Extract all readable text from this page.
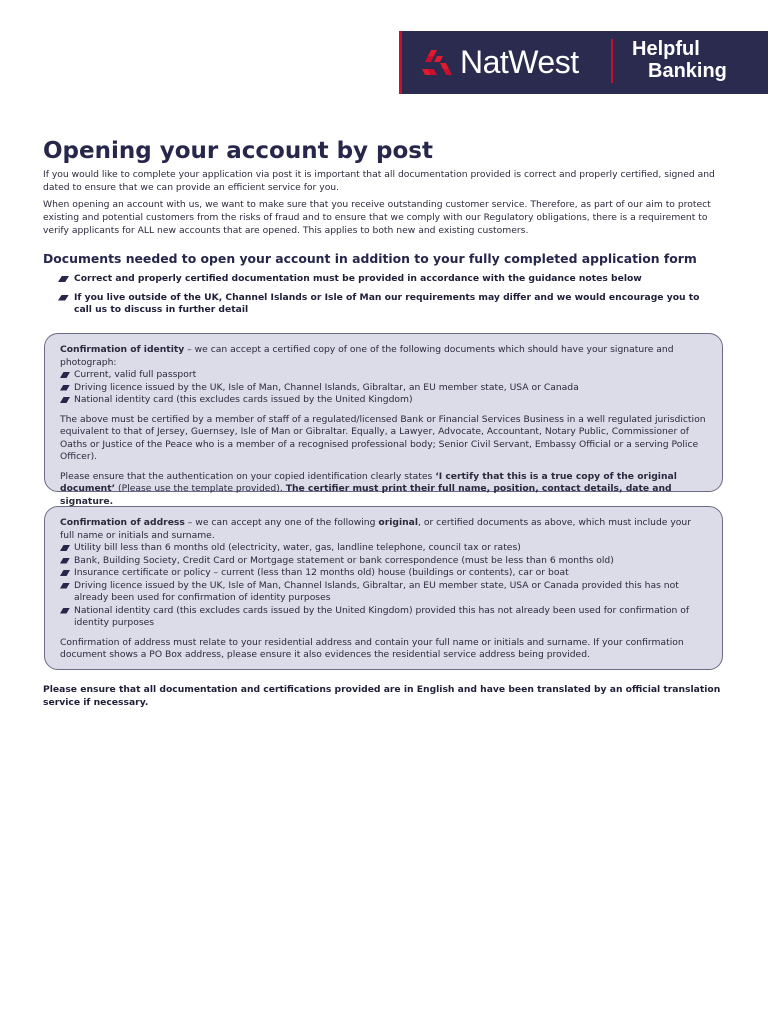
NatWest	Helpful
Banking
Opening your account by post

If you would like to complete your application via post it is important that all documentation provided is correct and properly certified, signed and dated to ensure that we can provide an efficient service for you.

When opening an account with us, we want to make sure that you receive outstanding customer service. Therefore, as part of our aim to protect existing and potential customers from the risks of fraud and to ensure that we comply with our Regulatory obligations, there is a requirement to verify applicants for ALL new accounts that are opened. This applies to both new and existing customers.

Documents needed to open your account in addition to your fully completed application form
Correct and properly certified documentation must be provided in accordance with the guidance notes below
If you live outside of the UK, Channel Islands or Isle of Man our requirements may differ and we would encourage you to call us to discuss in further detail

Confirmation of identity – we can accept a certified copy of one of the following documents which should have your signature and photograph:

Current, valid full passport
Driving licence issued by the UK, Isle of Man, Channel Islands, Gibraltar, an EU member state, USA or Canada
National identity card (this excludes cards issued by the United Kingdom)

The above must be certified by a member of staff of a regulated/licensed Bank or Financial Services Business in a well regulated jurisdiction equivalent to that of Jersey, Guernsey, Isle of Man or Gibraltar. Equally, a Lawyer, Advocate, Accountant, Notary Public, Commissioner of Oaths or Justice of the Peace who is a member of a recognised professional body; Senior Civil Servant, Embassy Official or a serving Police Officer).

Please ensure that the authentication on your copied identification clearly states ‘I certify that this is a true copy of the original document’ (Please use the template provided). The certifier must print their full name, position, contact details, date and signature.

Confirmation of address – we can accept any one of the following original, or certified documents as above, which must include your full name or initials and surname.

Utility bill less than 6 months old (electricity, water, gas, landline telephone, council tax or rates)
Bank, Building Society, Credit Card or Mortgage statement or bank correspondence (must be less than 6 months old)
Insurance certificate or policy – current (less than 12 months old) house (buildings or contents), car or boat
Driving licence issued by the UK, Isle of Man, Channel Islands, Gibraltar, an EU member state, USA or Canada provided this has not already been used for confirmation of identity purposes
National identity card (this excludes cards issued by the United Kingdom) provided this has not already been used for confirmation of identity purposes

Confirmation of address must relate to your residential address and contain your full name or initials and surname. If your confirmation document shows a PO Box address, please ensure it also evidences the residential service address being provided.

Please ensure that all documentation and certifications provided are in English and have been translated by an official translation service if necessary.
